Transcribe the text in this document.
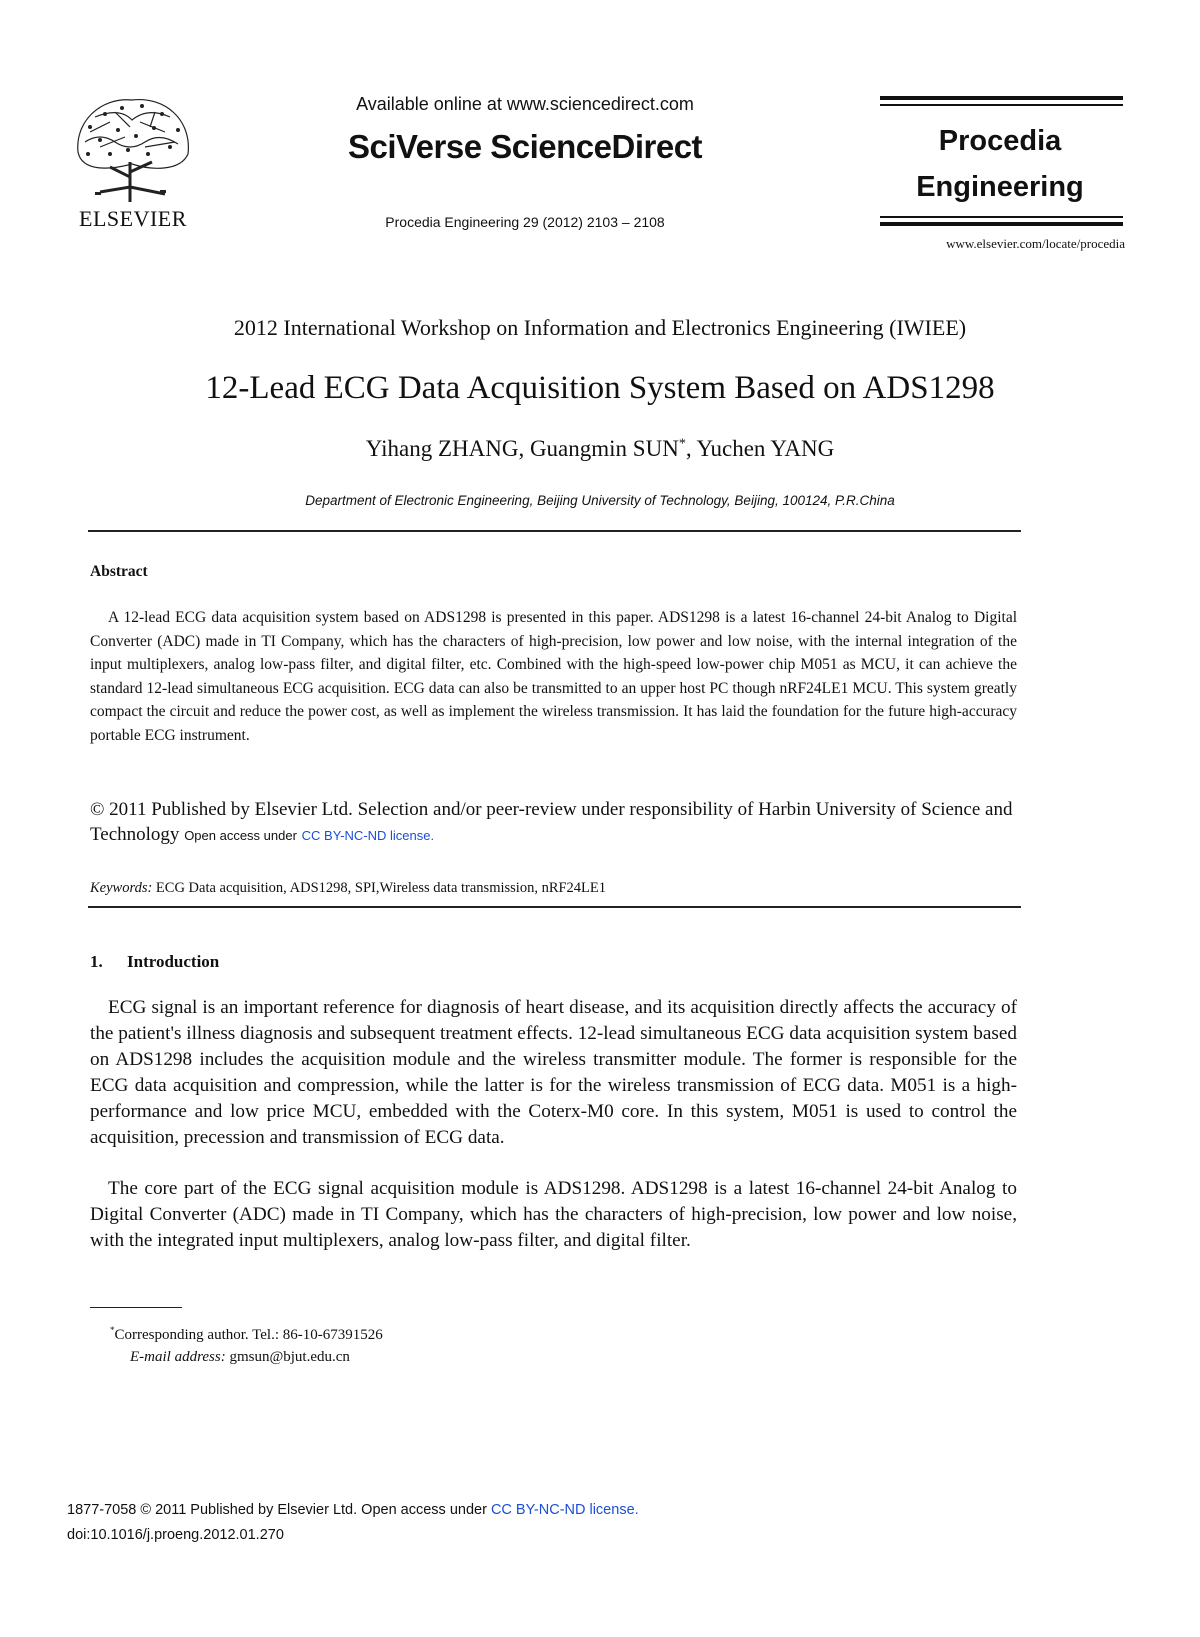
ELSEVIER
Available online at www.sciencedirect.com
SciVerse ScienceDirect
Procedia Engineering 29 (2012) 2103 – 2108
Procedia
Engineering
www.elsevier.com/locate/procedia
2012 International Workshop on Information and Electronics Engineering (IWIEE)
12-Lead ECG Data Acquisition System Based on ADS1298
Yihang ZHANG, Guangmin SUN*, Yuchen YANG
Department of Electronic Engineering, Beijing University of Technology, Beijing, 100124, P.R.China
Abstract
A 12-lead ECG data acquisition system based on ADS1298 is presented in this paper. ADS1298 is a latest 16-channel 24-bit Analog to Digital Converter (ADC) made in TI Company, which has the characters of high-precision, low power and low noise, with the internal integration of the input multiplexers, analog low-pass filter, and digital filter, etc. Combined with the high-speed low-power chip M051 as MCU, it can achieve the standard 12-lead simultaneous ECG acquisition. ECG data can also be transmitted to an upper host PC though nRF24LE1 MCU. This system greatly compact the circuit and reduce the power cost, as well as implement the wireless transmission. It has laid the foundation for the future high-accuracy portable ECG instrument.
© 2011 Published by Elsevier Ltd. Selection and/or peer-review under responsibility of Harbin University of Science and Technology Open access under CC BY-NC-ND license.
Keywords: ECG Data acquisition, ADS1298, SPI,Wireless data transmission, nRF24LE1
1. Introduction
ECG signal is an important reference for diagnosis of heart disease, and its acquisition directly affects the accuracy of the patient's illness diagnosis and subsequent treatment effects. 12-lead simultaneous ECG data acquisition system based on ADS1298 includes the acquisition module and the wireless transmitter module. The former is responsible for the ECG data acquisition and compression, while the latter is for the wireless transmission of ECG data. M051 is a high-performance and low price MCU, embedded with the Coterx-M0 core. In this system, M051 is used to control the acquisition, precession and transmission of ECG data.
The core part of the ECG signal acquisition module is ADS1298. ADS1298 is a latest 16-channel 24-bit Analog to Digital Converter (ADC) made in TI Company, which has the characters of high-precision, low power and low noise, with the integrated input multiplexers, analog low-pass filter, and digital filter.
*Corresponding author. Tel.: 86-10-67391526
E-mail address: gmsun@bjut.edu.cn
1877-7058 © 2011 Published by Elsevier Ltd. Open access under CC BY-NC-ND license.
doi:10.1016/j.proeng.2012.01.270
